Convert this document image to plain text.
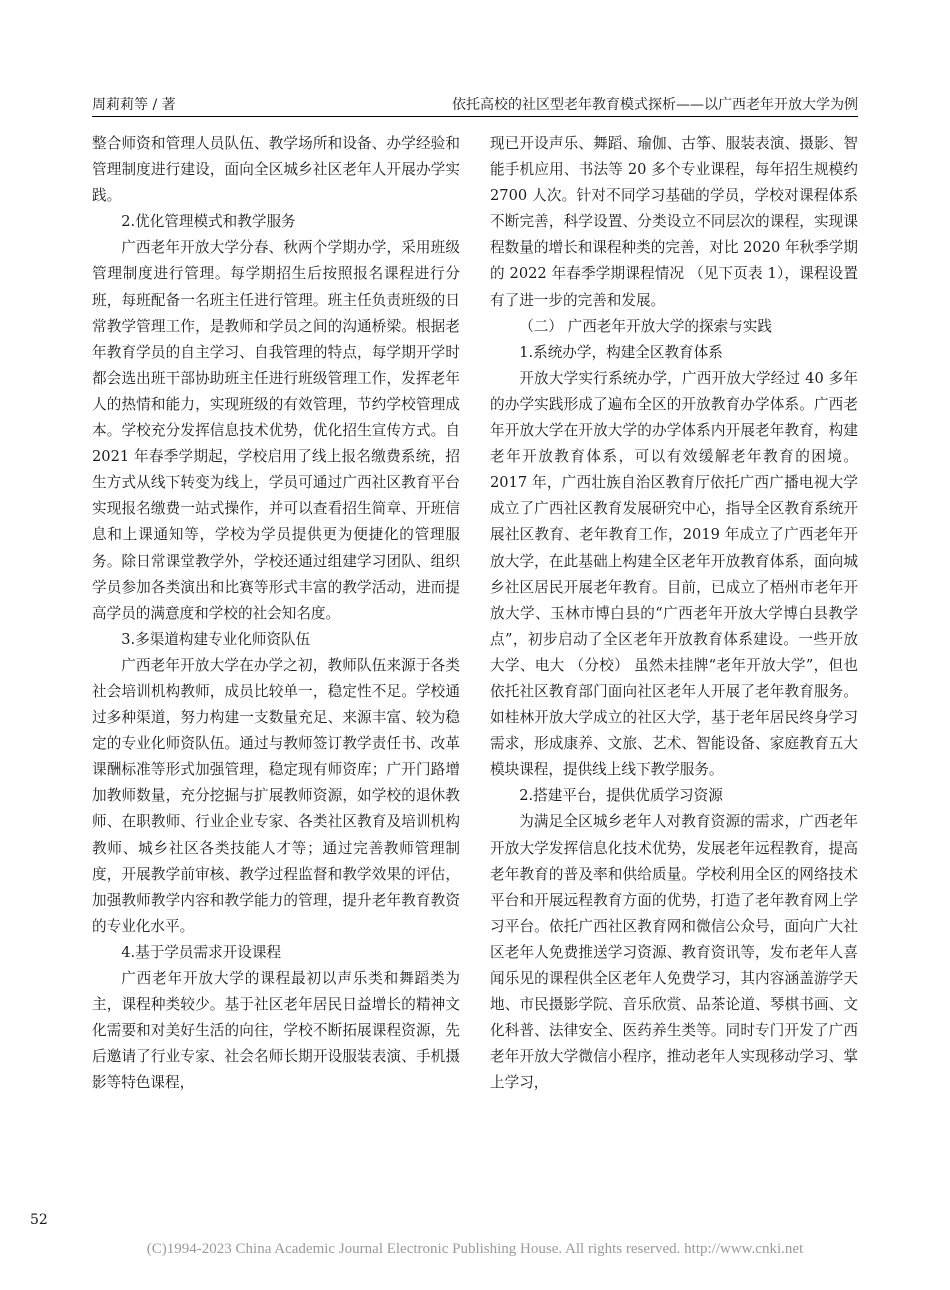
周莉莉等 / 著	依托高校的社区型老年教育模式探析——以广西老年开放大学为例

整合师资和管理人员队伍、教学场所和设备、办学经验和管理制度进行建设，面向全区城乡社区老年人开展办学实践。

2.优化管理模式和教学服务

广西老年开放大学分春、秋两个学期办学，采用班级管理制度进行管理。每学期招生后按照报名课程进行分班，每班配备一名班主任进行管理。班主任负责班级的日常教学管理工作，是教师和学员之间的沟通桥梁。根据老年教育学员的自主学习、自我管理的特点，每学期开学时都会选出班干部协助班主任进行班级管理工作，发挥老年人的热情和能力，实现班级的有效管理，节约学校管理成本。学校充分发挥信息技术优势，优化招生宣传方式。自 2021 年春季学期起，学校启用了线上报名缴费系统，招生方式从线下转变为线上，学员可通过广西社区教育平台实现报名缴费一站式操作，并可以查看招生简章、开班信息和上课通知等，学校为学员提供更为便捷化的管理服务。除日常课堂教学外，学校还通过组建学习团队、组织学员参加各类演出和比赛等形式丰富的教学活动，进而提高学员的满意度和学校的社会知名度。

3.多渠道构建专业化师资队伍

广西老年开放大学在办学之初，教师队伍来源于各类社会培训机构教师，成员比较单一，稳定性不足。学校通过多种渠道，努力构建一支数量充足、来源丰富、较为稳定的专业化师资队伍。通过与教师签订教学责任书、改革课酬标准等形式加强管理，稳定现有师资库；广开门路增加教师数量，充分挖掘与扩展教师资源，如学校的退休教师、在职教师、行业企业专家、各类社区教育及培训机构教师、城乡社区各类技能人才等；通过完善教师管理制度，开展教学前审核、教学过程监督和教学效果的评估，加强教师教学内容和教学能力的管理，提升老年教育教资的专业化水平。

4.基于学员需求开设课程

广西老年开放大学的课程最初以声乐类和舞蹈类为主，课程种类较少。基于社区老年居民日益增长的精神文化需要和对美好生活的向往，学校不断拓展课程资源，先后邀请了行业专家、社会名师长期开设服装表演、手机摄影等特色课程，

现已开设声乐、舞蹈、瑜伽、古筝、服装表演、摄影、智能手机应用、书法等 20 多个专业课程，每年招生规模约 2700 人次。针对不同学习基础的学员，学校对课程体系不断完善，科学设置、分类设立不同层次的课程，实现课程数量的增长和课程种类的完善，对比 2020 年秋季学期的 2022 年春季学期课程情况 （见下页表 1），课程设置有了进一步的完善和发展。

（二） 广西老年开放大学的探索与实践

1.系统办学，构建全区教育体系

开放大学实行系统办学，广西开放大学经过 40 多年的办学实践形成了遍布全区的开放教育办学体系。广西老年开放大学在开放大学的办学体系内开展老年教育，构建老年开放教育体系，可以有效缓解老年教育的困境。2017 年，广西壮族自治区教育厅依托广西广播电视大学成立了广西社区教育发展研究中心，指导全区教育系统开展社区教育、老年教育工作，2019 年成立了广西老年开放大学，在此基础上构建全区老年开放教育体系，面向城乡社区居民开展老年教育。目前，已成立了梧州市老年开放大学、玉林市博白县的“广西老年开放大学博白县教学点”，初步启动了全区老年开放教育体系建设。一些开放大学、电大 （分校） 虽然未挂牌“老年开放大学”，但也依托社区教育部门面向社区老年人开展了老年教育服务。如桂林开放大学成立的社区大学，基于老年居民终身学习需求，形成康养、文旅、艺术、智能设备、家庭教育五大模块课程，提供线上线下教学服务。

2.搭建平台，提供优质学习资源

为满足全区城乡老年人对教育资源的需求，广西老年开放大学发挥信息化技术优势，发展老年远程教育，提高老年教育的普及率和供给质量。学校利用全区的网络技术平台和开展远程教育方面的优势，打造了老年教育网上学习平台。依托广西社区教育网和微信公众号，面向广大社区老年人免费推送学习资源、教育资讯等，发布老年人喜闻乐见的课程供全区老年人免费学习，其内容涵盖游学天地、市民摄影学院、音乐欣赏、品茶论道、琴棋书画、文化科普、法律安全、医药养生类等。同时专门开发了广西老年开放大学微信小程序，推动老年人实现移动学习、掌上学习，

52
(C)1994-2023 China Academic Journal Electronic Publishing House. All rights reserved. http://www.cnki.net
